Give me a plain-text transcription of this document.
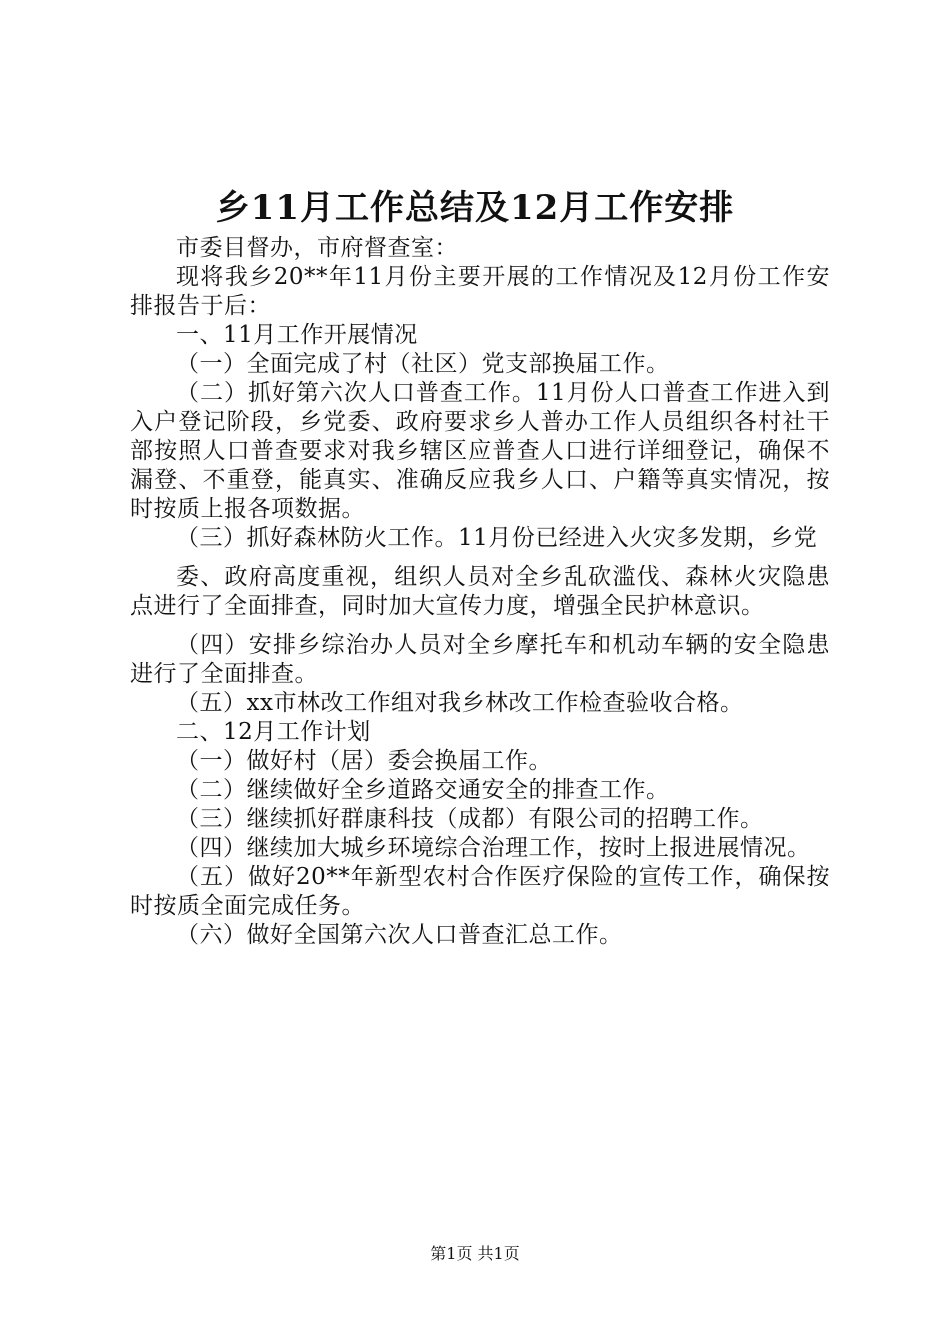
乡11月工作总结及12月工作安排

市委目督办，市府督查室：

现将我乡20**年11月份主要开展的工作情况及12月份工作安排报告于后：

一、11月工作开展情况

（一）全面完成了村（社区）党支部换届工作。

（二）抓好第六次人口普查工作。11月份人口普查工作进入到入户登记阶段，乡党委、政府要求乡人普办工作人员组织各村社干部按照人口普查要求对我乡辖区应普查人口进行详细登记，确保不漏登、不重登，能真实、准确反应我乡人口、户籍等真实情况，按时按质上报各项数据。

（三）抓好森林防火工作。11月份已经进入火灾多发期，乡党

委、政府高度重视，组织人员对全乡乱砍滥伐、森林火灾隐患点进行了全面排查，同时加大宣传力度，增强全民护林意识。

（四）安排乡综治办人员对全乡摩托车和机动车辆的安全隐患进行了全面排查。

（五）xx市林改工作组对我乡林改工作检查验收合格。

二、12月工作计划

（一）做好村（居）委会换届工作。

（二）继续做好全乡道路交通安全的排查工作。

（三）继续抓好群康科技（成都）有限公司的招聘工作。

（四）继续加大城乡环境综合治理工作，按时上报进展情况。

（五）做好20**年新型农村合作医疗保险的宣传工作，确保按时按质全面完成任务。

（六）做好全国第六次人口普查汇总工作。

第1页 共1页
